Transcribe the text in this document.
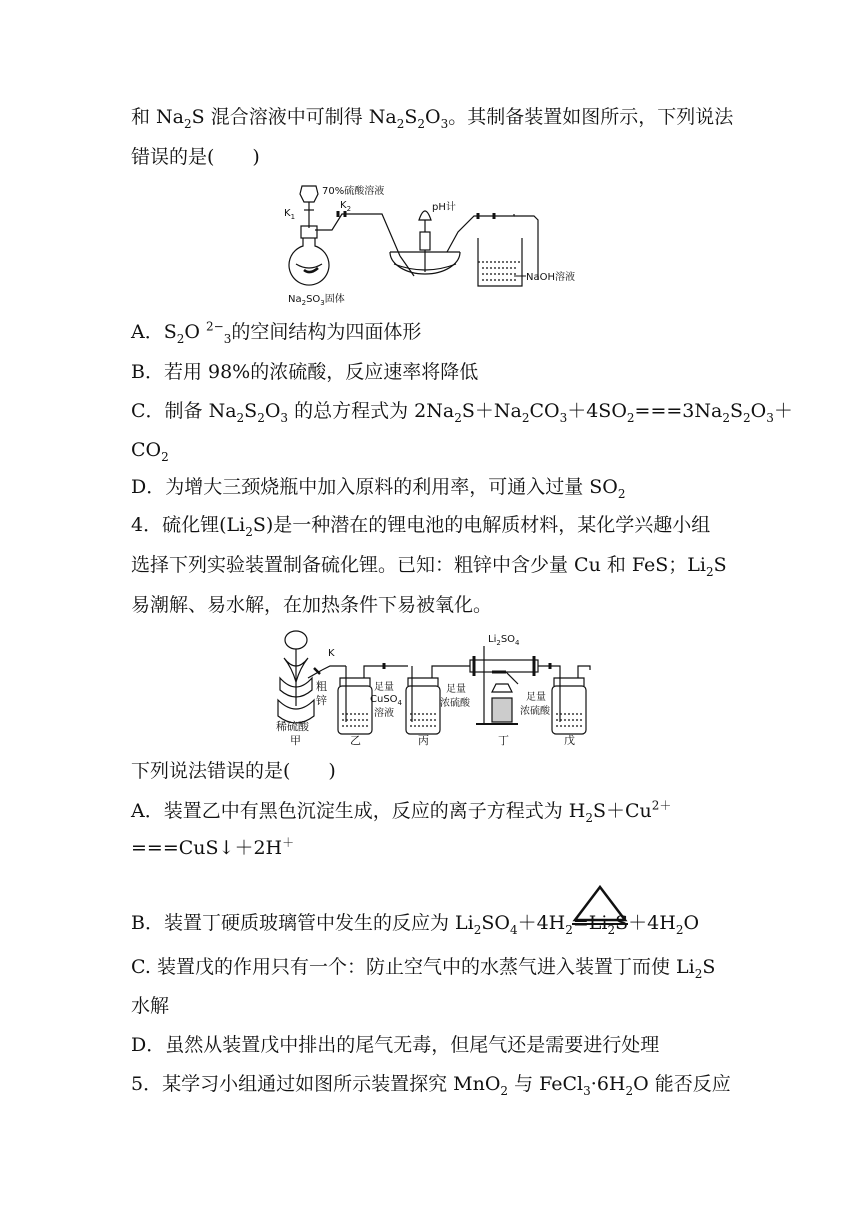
和 $Na_2S$ 混合溶液中可制得 $Na_2S_2O_3$。其制备装置如图所示，下列说法
错误的是(　　)
70%硫酸溶液
$K_1$
$K_2$	pH计
$Na_2SO_3$固体
NaOH溶液
A．$S_2O$ $^{2-}_3$的空间结构为四面体形
B．若用 98%的浓硫酸，反应速率将降低
C．制备 $Na_2S_2O_3$ 的总方程式为 $2Na_2S+Na_2CO_3+4SO_2===3Na_2S_2O_3+$
$CO_2$
D．为增大三颈烧瓶中加入原料的利用率，可通入过量 $SO_2$
4．硫化锂$(Li_2S)$是一种潜在的锂电池的电解质材料，某化学兴趣小组
选择下列实验装置制备硫化锂。已知：粗锌中含少量 Cu 和 FeS；$Li_2S$
易潮解、易水解，在加热条件下易被氧化。
K
$Li_2SO_4$
粗
锌
稀硫酸
足量
CuSO$_4$
溶液
足量
浓硫酸
足量
浓硫酸
甲	乙	丙	丁	戊
下列说法错误的是(　　)
A．装置乙中有黑色沉淀生成，反应的离子方程式为 $H_2S+Cu^{2+}$
===CuS↓＋2H＋
B．装置丁硬质玻璃管中发生的反应为 $Li_2SO_4+4H_2=Li_2S+4H_2O$
C. 装置戊的作用只有一个：防止空气中的水蒸气进入装置丁而使 $Li_2S$
水解
D．虽然从装置戊中排出的尾气无毒，但尾气还是需要进行处理
5．某学习小组通过如图所示装置探究 MnO$_2$ 与 $FeCl_3\cdot 6H_2O$ 能否反应
